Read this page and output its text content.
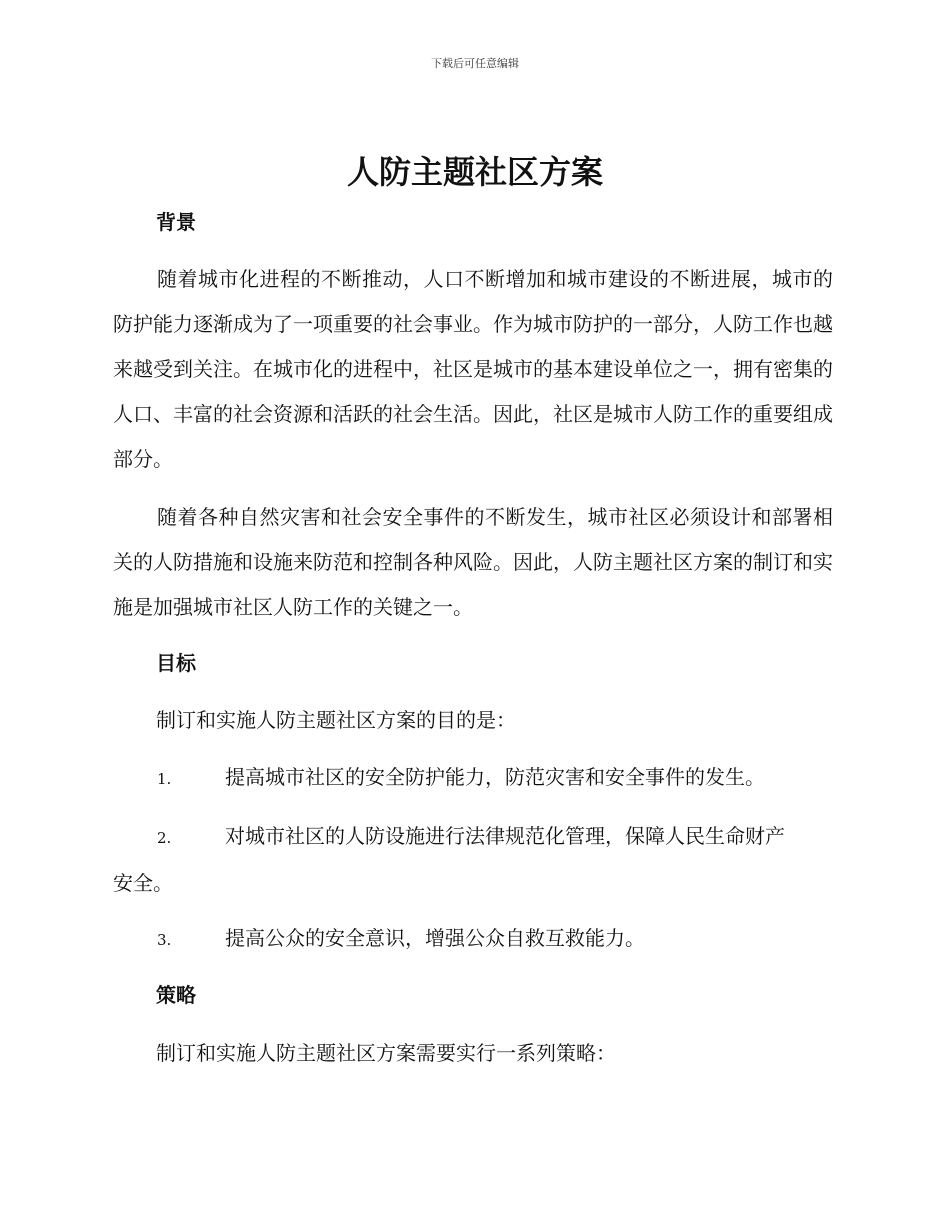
下载后可任意编辑
人防主题社区方案
背景

随着城市化进程的不断推动，人口不断增加和城市建设的不断进展，城市的防护能力逐渐成为了一项重要的社会事业。作为城市防护的一部分，人防工作也越来越受到关注。在城市化的进程中，社区是城市的基本建设单位之一，拥有密集的人口、丰富的社会资源和活跃的社会生活。因此，社区是城市人防工作的重要组成部分。

随着各种自然灾害和社会安全事件的不断发生，城市社区必须设计和部署相关的人防措施和设施来防范和控制各种风险。因此，人防主题社区方案的制订和实施是加强城市社区人防工作的关键之一。

目标

制订和实施人防主题社区方案的目的是：

1.	提高城市社区的安全防护能力，防范灾害和安全事件的发生。
2.	对城市社区的人防设施进行法律规范化管理，保障人民生命财产
安全。
3.	提高公众的安全意识，增强公众自救互救能力。
策略

制订和实施人防主题社区方案需要实行一系列策略：
